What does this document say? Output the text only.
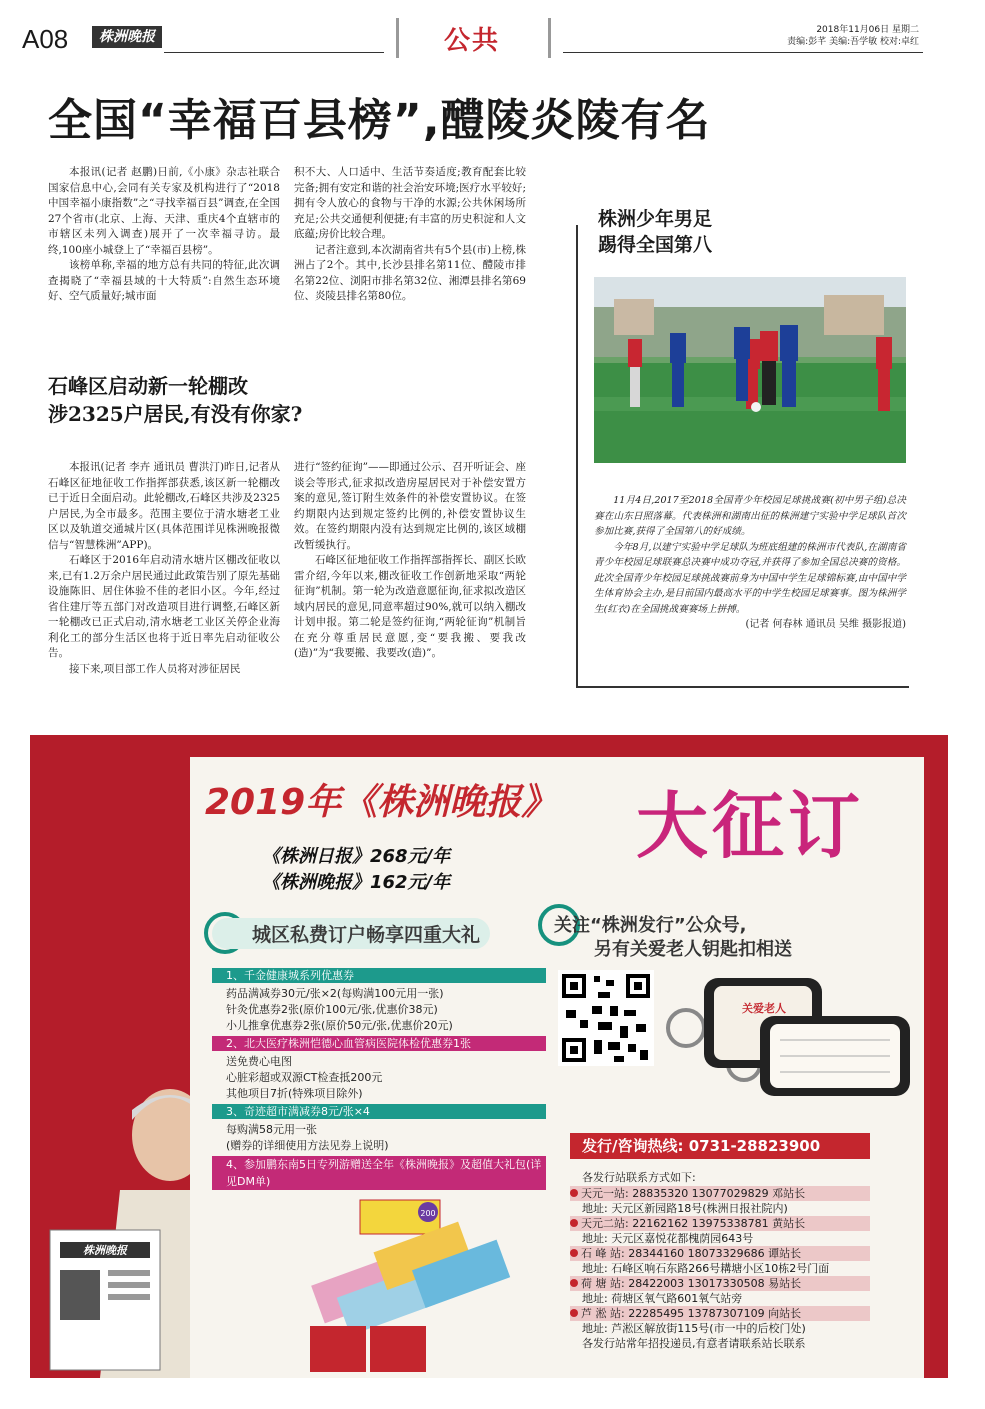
A08	株洲晚报	公共	2018年11月06日 星期二
责编:彭芊 美编:吾学敏 校对:卓红
全国“幸福百县榜”,醴陵炎陵有名

本报讯(记者 赵鹏)日前,《小康》杂志社联合国家信息中心,会同有关专家及机构进行了“2018中国幸福小康指数”之“寻找幸福百县”调查,在全国27个省市(北京、上海、天津、重庆4个直辖市的市辖区未列入调查)展开了一次幸福寻访。最终,100座小城登上了“幸福百县榜”。

该榜单称,幸福的地方总有共同的特征,此次调查揭晓了“幸福县域的十大特质”:自然生态环境好、空气质量好;城市面

积不大、人口适中、生活节奏适度;教育配套比较完备;拥有安定和谐的社会治安环境;医疗水平较好;拥有令人放心的食物与干净的水源;公共休闲场所充足;公共交通便利便捷;有丰富的历史积淀和人文底蕴;房价比较合理。

记者注意到,本次湖南省共有5个县(市)上榜,株洲占了2个。其中,长沙县排名第11位、醴陵市排名第22位、浏阳市排名第32位、湘潭县排名第69位、炎陵县排名第80位。

石峰区启动新一轮棚改
涉2325户居民,有没有你家?

本报讯(记者 李卉 通讯员 曹洪汀)昨日,记者从石峰区征地征收工作指挥部获悉,该区新一轮棚改已于近日全面启动。此轮棚改,石峰区共涉及2325户居民,为全市最多。范围主要位于清水塘老工业区以及轨道交通城片区(具体范围详见株洲晚报微信与“智慧株洲”APP)。

石峰区于2016年启动清水塘片区棚改征收以来,已有1.2万余户居民通过此政策告别了原先基础设施陈旧、居住体验不佳的老旧小区。今年,经过省住建厅等五部门对改造项目进行调整,石峰区新一轮棚改已正式启动,清水塘老工业区关停企业海利化工的部分生活区也将于近日率先启动征收公告。

接下来,项目部工作人员将对涉征居民

进行“签约征询”——即通过公示、召开听证会、座谈会等形式,征求拟改造房屋居民对于补偿安置方案的意见,签订附生效条件的补偿安置协议。在签约期限内达到规定签约比例的,补偿安置协议生效。在签约期限内没有达到规定比例的,该区域棚改暂缓执行。

石峰区征地征收工作指挥部指挥长、副区长欧雷介绍,今年以来,棚改征收工作创新地采取“两轮征询”机制。第一轮为改造意愿征询,征求拟改造区域内居民的意见,同意率超过90%,就可以纳入棚改计划申报。第二轮是签约征询,“两轮征询”机制旨在充分尊重居民意愿,变“要我搬、要我改(造)”为“我要搬、我要改(造)”。

株洲少年男足
踢得全国第八

11月4日,2017至2018全国青少年校园足球挑战赛(初中男子组)总决赛在山东日照落幕。代表株洲和湖南出征的株洲建宁实验中学足球队首次参加比赛,获得了全国第八的好成绩。

今年8月,以建宁实验中学足球队为班底组建的株洲市代表队,在湖南省青少年校园足球联赛总决赛中成功夺冠,并获得了参加全国总决赛的资格。此次全国青少年校园足球挑战赛前身为中国中学生足球锦标赛,由中国中学生体育协会主办,是目前国内最高水平的中学生校园足球赛事。图为株洲学生(红衣)在全国挑战赛赛场上拼搏。

(记者 何春林 通讯员 吴维 摄影报道)
株洲晚报
2019年《株洲晚报》 大征订
《株洲日报》268元/年
《株洲晚报》162元/年
城区私费订户畅享四重大礼	关注“株洲发行”公众号,
另有关爱老人钥匙扣相送
1、千金健康城系列优惠券
药品满减券30元/张×2(每购满100元用一张)
针灸优惠券2张(原价100元/张,优惠价38元)
小儿推拿优惠券2张(原价50元/张,优惠价20元)
2、北大医疗株洲恺德心血管病医院体检优惠券1张
送免费心电图
心脏彩超或双源CT检查抵200元
其他项目7折(特殊项目除外)
3、奇迹超市满减券8元/张×4
每购满58元用一张
(赠券的详细使用方法见券上说明)
4、参加鹏东南5日专列游赠送全年《株洲晚报》及超值大礼包(详见DM单)
200
关爱老人
发行/咨询热线: 0731-28823900
各发行站联系方式如下:
天元一站: 28835320 13077029829 邓站长
地址: 天元区新园路18号(株洲日报社院内)
天元二站: 22162162 13975338781 黄站长
地址: 天元区嘉悦花都槐荫园643号
石 峰 站: 28344160 18073329686 谭站长
地址: 石峰区响石东路266号耩塘小区10栋2号门面
荷 塘 站: 28422003 13017330508 易站长
地址: 荷塘区氧气路601氧气站旁
芦 淞 站: 22285495 13787307109 向站长
地址: 芦淞区解放街115号(市一中的后校门处)
各发行站常年招投递员,有意者请联系站长联系
